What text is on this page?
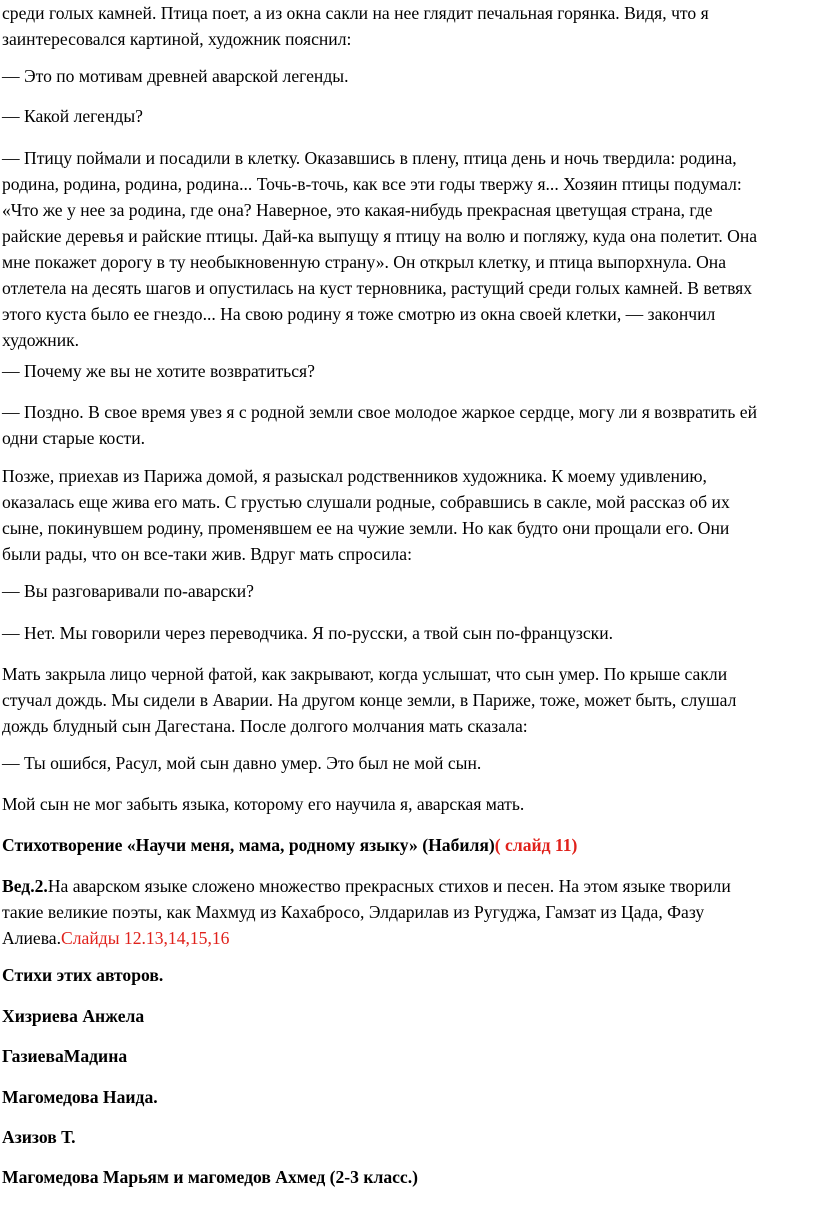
среди голых камней. Птица поет, а из окна сакли на нее глядит печальная горянка. Видя, что я
заинтересовался картиной, художник пояснил:
— Это по мотивам древней аварской легенды.
— Какой легенды?
— Птицу поймали и посадили в клетку. Оказавшись в плену, птица день и ночь твердила: родина,
родина, родина, родина, родина... Точь-в-точь, как все эти годы твержу я... Хозяин птицы подумал:
«Что же у нее за родина, где она? Наверное, это какая-нибудь прекрасная цветущая страна, где
райские деревья и райские птицы. Дай-ка выпущу я птицу на волю и погляжу, куда она полетит. Она
мне покажет дорогу в ту необыкновенную страну». Он открыл клетку, и птица выпорхнула. Она
отлетела на десять шагов и опустилась на куст терновника, растущий среди голых камней. В ветвях
этого куста было ее гнездо... На свою родину я тоже смотрю из окна своей клетки, — закончил
художник.
— Почему же вы не хотите возвратиться?
— Поздно. В свое время увез я с родной земли свое молодое жаркое сердце, могу ли я возвратить ей
одни старые кости.
Позже, приехав из Парижа домой, я разыскал родственников художника. К моему удивлению,
оказалась еще жива его мать. С грустью слушали родные, собравшись в сакле, мой рассказ об их
сыне, покинувшем родину, променявшем ее на чужие земли. Но как будто они прощали его. Они
были рады, что он все-таки жив. Вдруг мать спросила:
— Вы разговаривали по-аварски?
— Нет. Мы говорили через переводчика. Я по-русски, а твой сын по-французски.
Мать закрыла лицо черной фатой, как закрывают, когда услышат, что сын умер. По крыше сакли
стучал дождь. Мы сидели в Аварии. На другом конце земли, в Париже, тоже, может быть, слушал
дождь блудный сын Дагестана. После долгого молчания мать сказала:
— Ты ошибся, Расул, мой сын давно умер. Это был не мой сын.
Мой сын не мог забыть языка, которому его научила я, аварская мать.
Стихотворение «Научи меня, мама, родному языку» (Набиля)( слайд 11)
Вед.2.На аварском языке сложено множество прекрасных стихов и песен. На этом языке творили
такие великие поэты, как Махмуд из Кахабросо, Элдарилав из Ругуджа, Гамзат из Цада, Фазу
Алиева.Слайды 12.13,14,15,16
Стихи этих авторов.
Хизриева Анжела
ГазиеваМадина
Магомедова Наида.
Азизов Т.
Магомедова Марьям и магомедов Ахмед (2-3 класс.)
